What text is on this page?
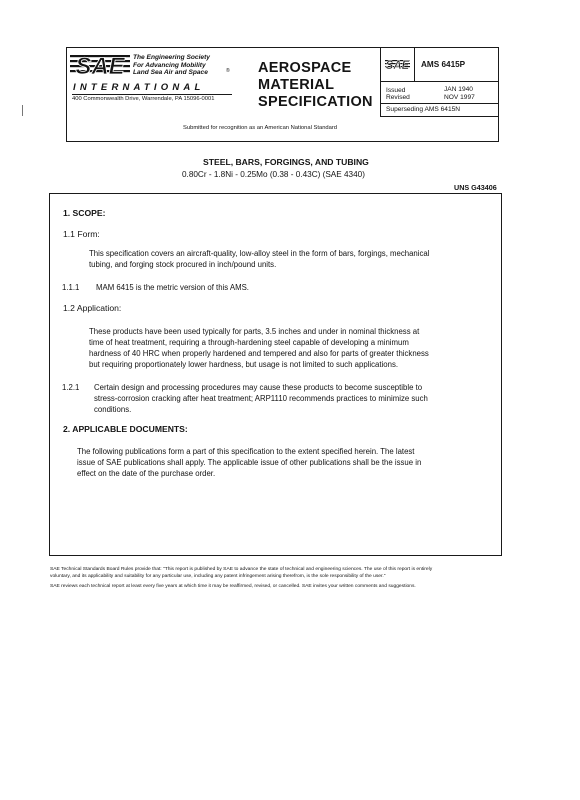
SAE The Engineering Society
For Advancing Mobility
Land Sea Air and Space	®
INTERNATIONAL
400 Commonwealth Drive, Warrendale, PA 15096-0001
AEROSPACE
MATERIAL
SPECIFICATION
SAE AMS 6415P
Issued	JAN 1940
Revised	NOV 1997
Superseding AMS 6415N
Submitted for recognition as an American National Standard
STEEL, BARS, FORGINGS, AND TUBING
0.80Cr - 1.8Ni - 0.25Mo (0.38 - 0.43C) (SAE 4340)
UNS G43406
1. SCOPE:
1.1 Form:
This specification covers an aircraft-quality, low-alloy steel in the form of bars, forgings, mechanical
tubing, and forging stock procured in inch/pound units.
1.1.1 MAM 6415 is the metric version of this AMS.
1.2 Application:
These products have been used typically for parts, 3.5 inches and under in nominal thickness at
time of heat treatment, requiring a through-hardening steel capable of developing a minimum
hardness of 40 HRC when properly hardened and tempered and also for parts of greater thickness
but requiring proportionately lower hardness, but usage is not limited to such applications.
1.2.1 Certain design and processing procedures may cause these products to become susceptible to
stress-corrosion cracking after heat treatment; ARP1110 recommends practices to minimize such
conditions.
2. APPLICABLE DOCUMENTS:
The following publications form a part of this specification to the extent specified herein. The latest
issue of SAE publications shall apply. The applicable issue of other publications shall be the issue in
effect on the date of the purchase order.
SAE Technical Standards Board Rules provide that: "This report is published by SAE to advance the state of technical and engineering sciences. The use of this report is entirely
voluntary, and its applicability and suitability for any particular use, including any patent infringement arising therefrom, is the sole responsibility of the user."
SAE reviews each technical report at least every five years at which time it may be reaffirmed, revised, or cancelled. SAE invites your written comments and suggestions.
